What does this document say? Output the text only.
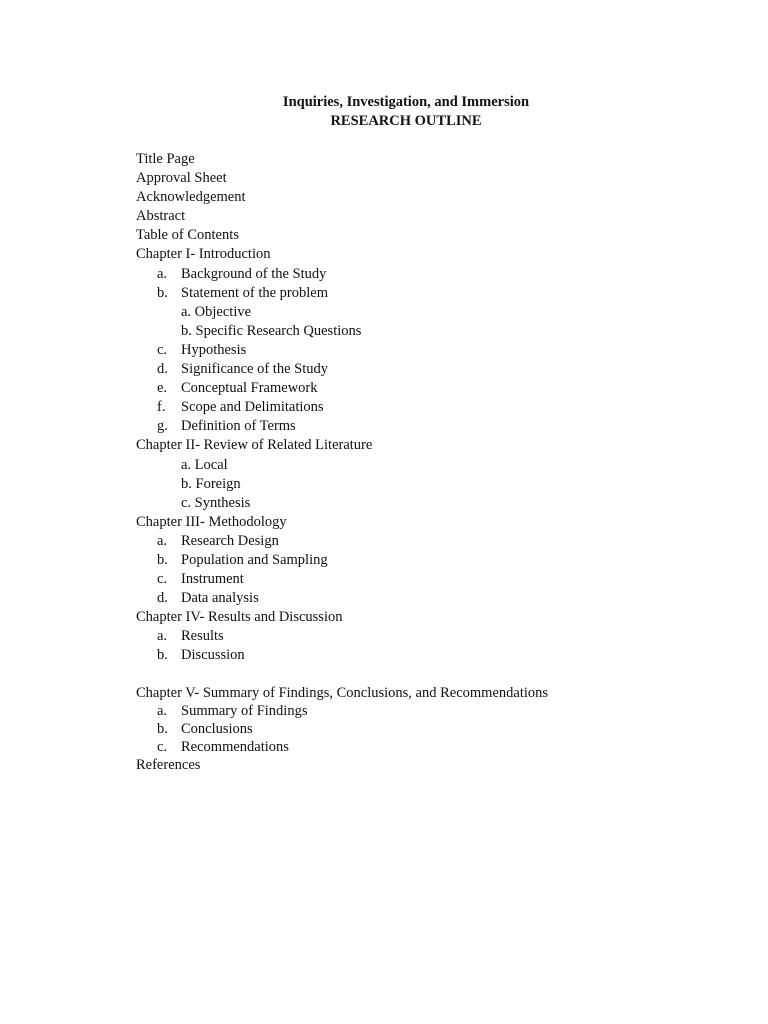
Inquiries, Investigation, and Immersion
RESEARCH OUTLINE
Title Page
Approval Sheet
Acknowledgement
Abstract
Table of Contents
Chapter I- Introduction
a. Background of the Study
b. Statement of the problem
a. Objective
b. Specific Research Questions
c. Hypothesis
d. Significance of the Study
e. Conceptual Framework
f. Scope and Delimitations
g. Definition of Terms
Chapter II- Review of Related Literature
a. Local
b. Foreign
c. Synthesis
Chapter III- Methodology
a. Research Design
b. Population and Sampling
c. Instrument
d. Data analysis
Chapter IV- Results and Discussion
a. Results
b. Discussion
Chapter V- Summary of Findings, Conclusions, and Recommendations
a. Summary of Findings
b. Conclusions
c. Recommendations
References
